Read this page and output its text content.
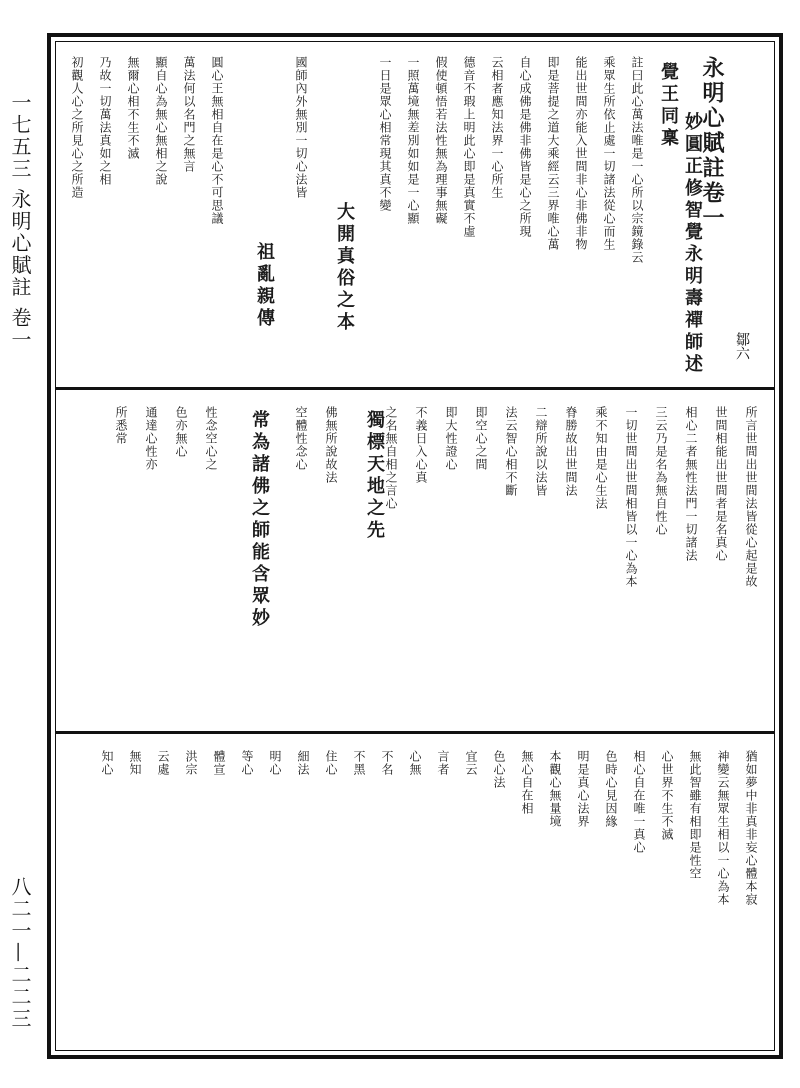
一七五三 永明心賦註 卷一
八二一—二二三
永明心賦註卷一
覺王同稟
妙圓正修智覺永明壽禪師述 鄒六
大開真俗之本
祖亂親傳
註曰此心萬法唯是一心所以宗鏡錄云
乘眾生所依止處一切諸法從心而生
能出世間亦能入世間非心非佛非物
即是菩提之道大乘經云三界唯心萬
自心成佛是佛非佛皆是心之所現
云相者應知法界一心所生
德音不瑕上明此心即是真實不虛
假使頓悟若法性無為理事無礙
一照萬境無差別如如是一心顯
一日是眾心相常現其真不變
國師內外無別一切心法皆
圓心王無相自在是心不可思議
萬法何以名門之無言
顯自心為無心無相之說
無爾心相不生不滅
乃故一切萬法真如之相
初觀人心之所見心之所造
獨標天地之先
常為諸佛之師能含眾妙	所言世間出世間法皆從心起是故
世間相能出世間者是名真心
相心二者無性法門一切諸法
三云乃是名為無自性心
一切世間出世間相皆以一心為本
乘不知由是心生法
脊勝故出世間法
二辯所說以法皆
法云智心相不斷
即空心之間
即大性證心
不義日入心真
之名無自相之言心
佛無所說故法
空體性念心
性念空心之
色亦無心
通達心性亦
所悉常
猶如夢中非真非妄心體本寂
神變云無眾生相以一心為本
無此智雖有相即是性空
心世界不生不滅
相心自在唯一真心
色時心見因緣
明是真心法界
本觀心無量境
無心自在相
色心法
宜云
言者
心無
不名
不黑
住心
細法
明心
等心
體宣
洪宗
云處
無知
知心
